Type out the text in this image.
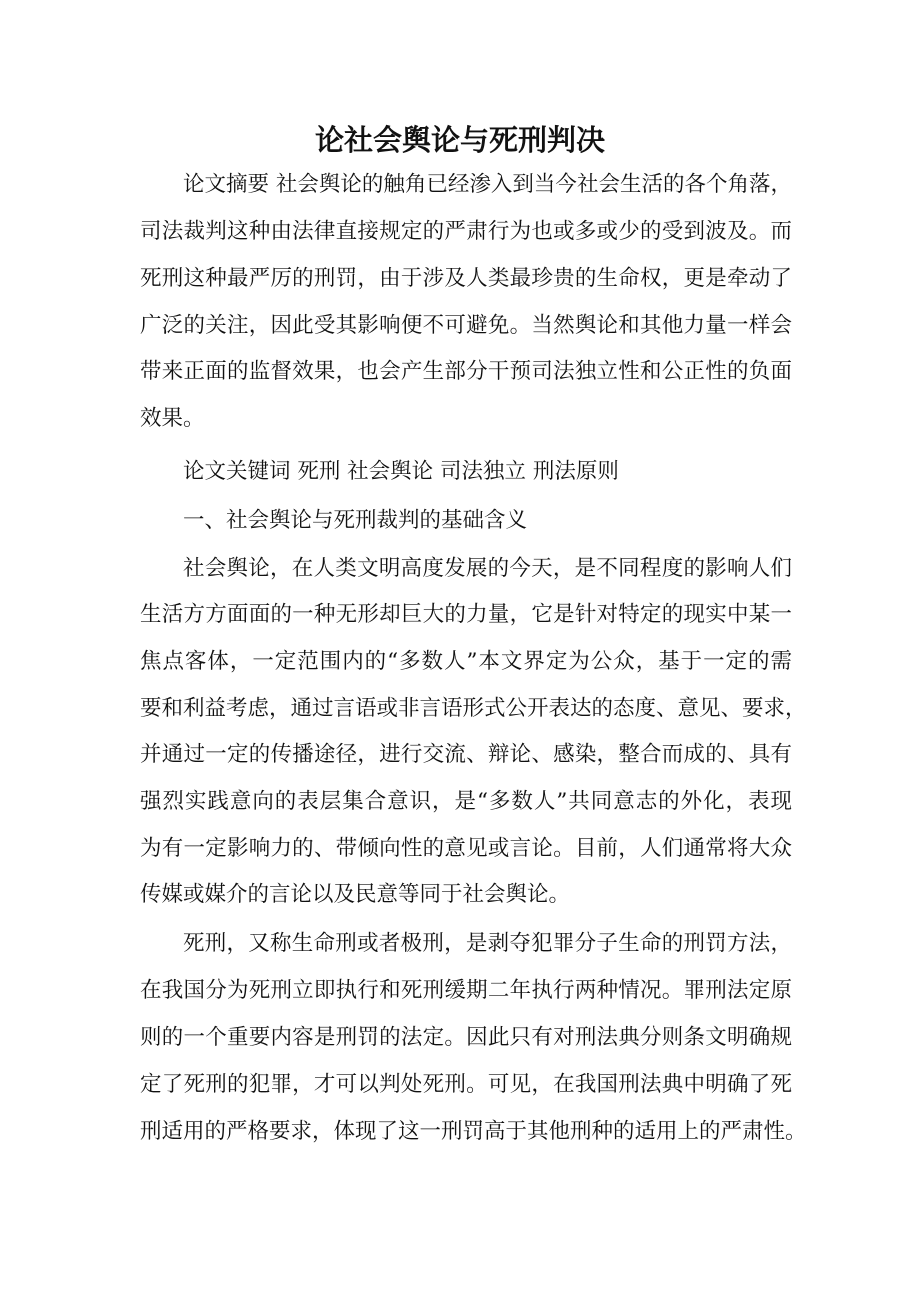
论社会舆论与死刑判决
论文摘要 社会舆论的触角已经渗入到当今社会生活的各个角落，
司法裁判这种由法律直接规定的严肃行为也或多或少的受到波及。而
死刑这种最严厉的刑罚，由于涉及人类最珍贵的生命权，更是牵动了
广泛的关注，因此受其影响便不可避免。当然舆论和其他力量一样会
带来正面的监督效果，也会产生部分干预司法独立性和公正性的负面
效果。
论文关键词 死刑 社会舆论 司法独立 刑法原则
一、社会舆论与死刑裁判的基础含义
社会舆论，在人类文明高度发展的今天，是不同程度的影响人们
生活方方面面的一种无形却巨大的力量，它是针对特定的现实中某一
焦点客体，一定范围内的“多数人”本文界定为公众，基于一定的需
要和利益考虑，通过言语或非言语形式公开表达的态度、意见、要求，
并通过一定的传播途径，进行交流、辩论、感染，整合而成的、具有
强烈实践意向的表层集合意识，是“多数人”共同意志的外化，表现
为有一定影响力的、带倾向性的意见或言论。目前，人们通常将大众
传媒或媒介的言论以及民意等同于社会舆论。
死刑，又称生命刑或者极刑，是剥夺犯罪分子生命的刑罚方法，
在我国分为死刑立即执行和死刑缓期二年执行两种情况。罪刑法定原
则的一个重要内容是刑罚的法定。因此只有对刑法典分则条文明确规
定了死刑的犯罪，才可以判处死刑。可见，在我国刑法典中明确了死
刑适用的严格要求，体现了这一刑罚高于其他刑种的适用上的严肃性。
